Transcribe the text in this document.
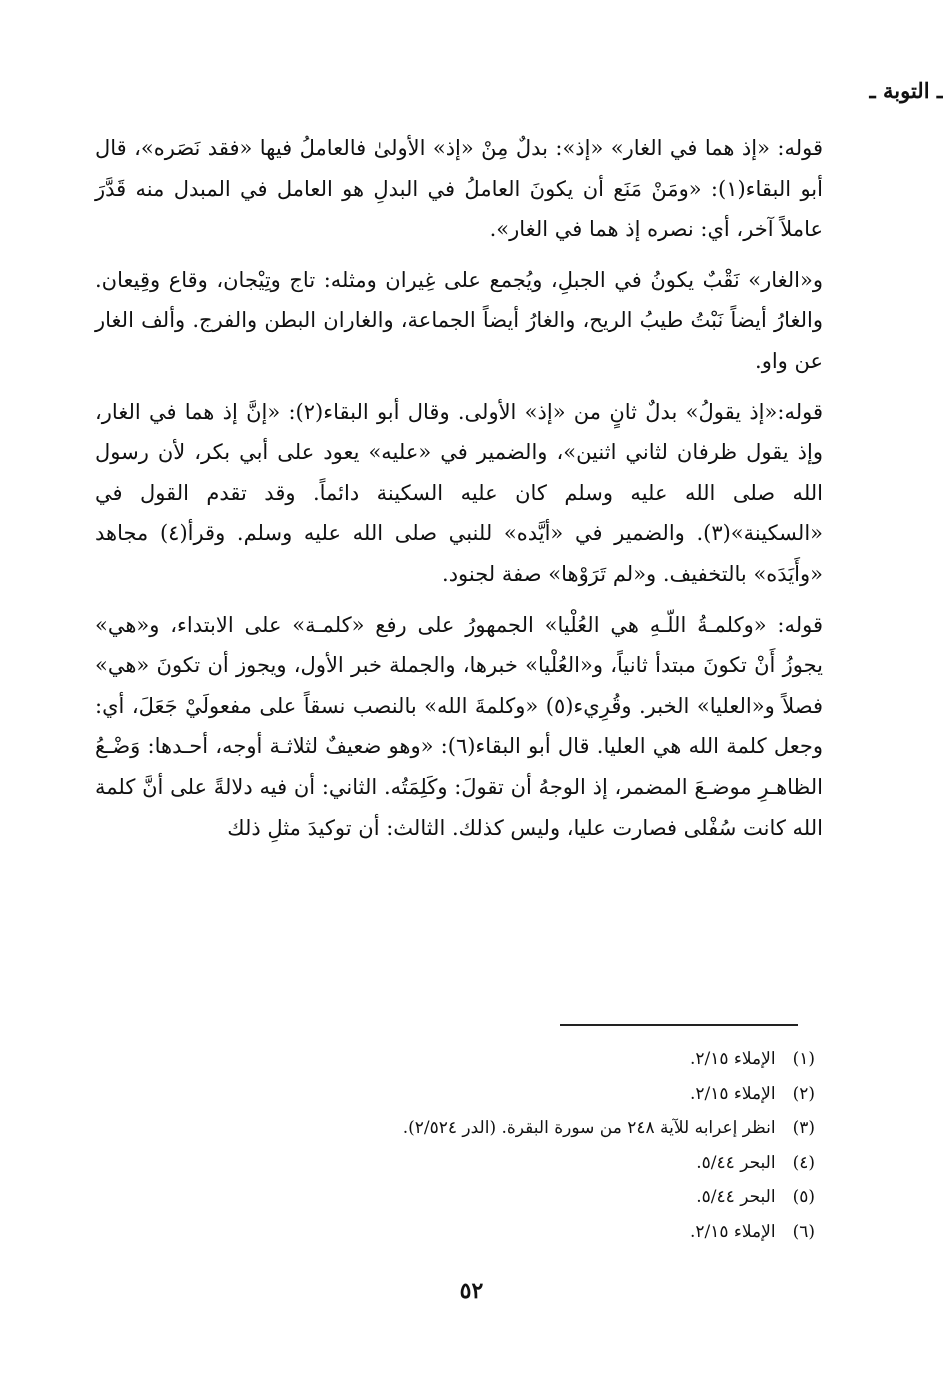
ـ التوبة ـ

قوله: «إذ هما في الغار» «إذ»: بدلٌ مِنْ «إذ» الأولىٰ فالعاملُ فيها «فقد نَصَره»، قال أبو البقاء(١): «ومَنْ مَنَع أن يكونَ العاملُ في البدلِ هو العامل في المبدل منه قَدَّرَ عاملاً آخر، أي: نصره إذ هما في الغار».

و«الغار» نَقْبٌ يكونُ في الجبلِ، ويُجمع على غِيران ومثله: تاج وتِيْجان، وقاع وقِيعان. والغارُ أيضاً نَبْتُ طيبُ الريح، والغارُ أيضاً الجماعة، والغاران البطن والفرج. وألف الغار عن واو.

قوله:«إذ يقولُ» بدلٌ ثانٍ من «إذ» الأولى. وقال أبو البقاء(٢): «إنَّ إذ هما في الغار، وإذ يقول ظرفان لثاني اثنين»، والضمير في «عليه» يعود على أبي بكر، لأن رسول الله صلى الله عليه وسلم كان عليه السكينة دائماً. وقد تقدم القول في «السكينة»(٣). والضمير في «أيَّده» للنبي صلى الله عليه وسلم. وقرأ(٤) مجاهد «وأَيَدَه» بالتخفيف. و«لم تَرَوْها» صفة لجنود.

قوله: «وكلمـةُ اللّـهِ هي العُلْيا» الجمهورُ على رفع «كلمـة» على الابتداء، و«هي» يجوزُ أَنْ تكونَ مبتدأ ثانياً، و«العُلْيا» خبرها، والجملة خبر الأول، ويجوز أن تكونَ «هي» فصلاً و«العليا» الخبر. وقُرِيء(٥) «وكلمةَ الله» بالنصب نسقاً على مفعولَيْ جَعَلَ، أي: وجعل كلمة الله هي العليا. قال أبو البقاء(٦): «وهو ضعيفٌ لثلاثـة أوجه، أحـدها: وَضْـعُ الظاهـرِ موضـعَ المضمر، إذ الوجهُ أن تقولَ: وكَلِمَتُه. الثاني: أن فيه دلالةً على أنَّ كلمة الله كانت سُفْلى فصارت عليا، وليس كذلك. الثالث: أن توكيدَ مثلِ ذلك

(١) الإملاء ٢/١٥.
(٢) الإملاء ٢/١٥.
(٣) انظر إعرابه للآية ٢٤٨ من سورة البقرة. (الدر ٢/٥٢٤).
(٤) البحر ٥/٤٤.
(٥) البحر ٥/٤٤.
(٦) الإملاء ٢/١٥.
٥٢
